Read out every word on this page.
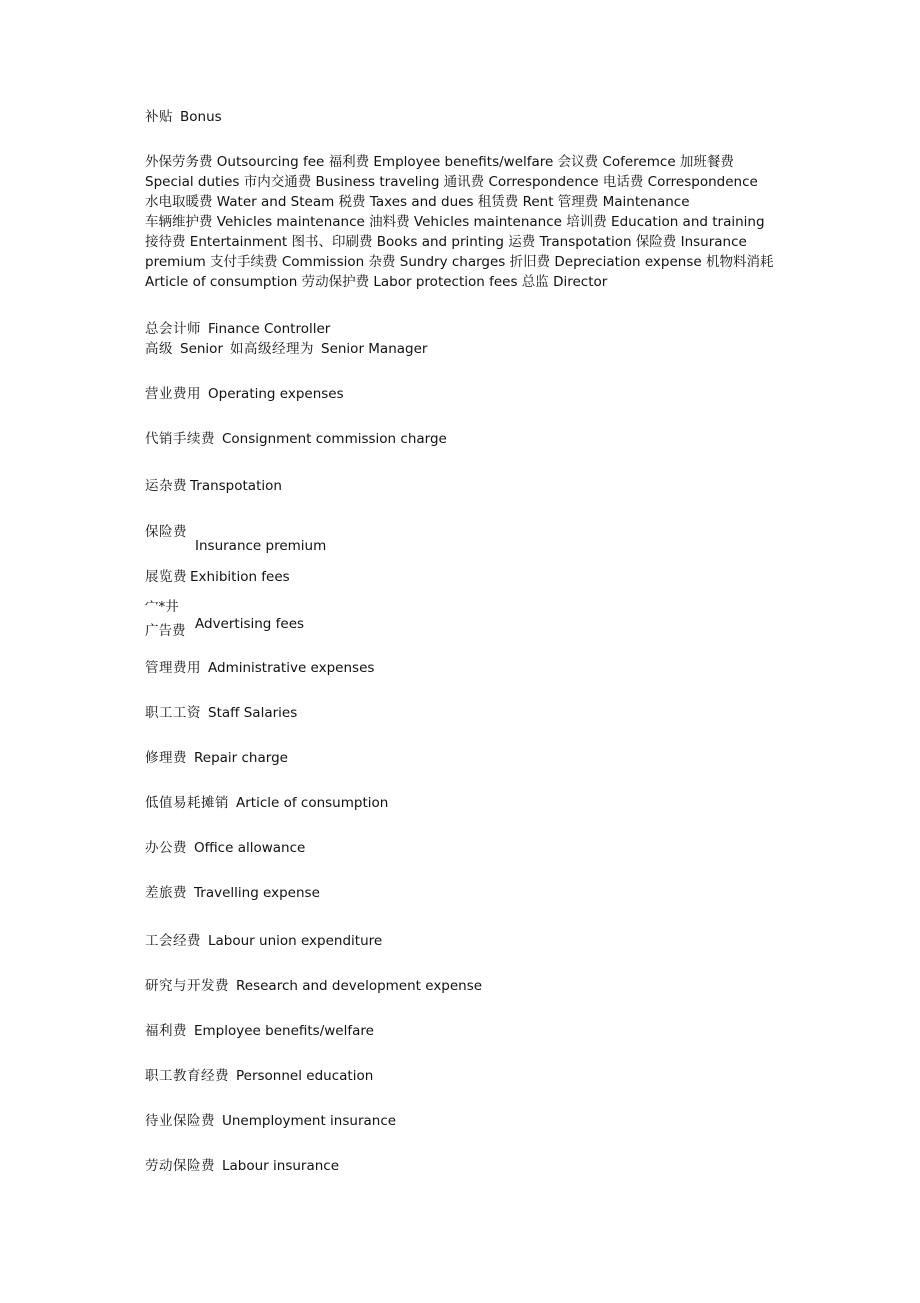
补贴 Bonus
外保劳务费 Outsourcing fee 福利费 Employee benefits/welfare 会议费 Coferemce 加班餐费
Special duties 市内交通费 Business traveling 通讯费 Correspondence 电话费 Correspondence
水电取暖费 Water and Steam 税费 Taxes and dues 租赁费 Rent 管理费 Maintenance
车辆维护费 Vehicles maintenance 油料费 Vehicles maintenance 培训费 Education and training
接待费 Entertainment 图书、印刷费 Books and printing 运费 Transpotation 保险费 Insurance
premium 支付手续费 Commission 杂费 Sundry charges 折旧费 Depreciation expense 机物料消耗
Article of consumption 劳动保护费 Labor protection fees 总监 Director
总会计师 Finance Controller
高级 Senior 如高级经理为 Senior Manager
营业费用 Operating expenses
代销手续费 Consignment commission charge
运杂费 Transpotation
保险费
Insurance premium
展览费 Exhibition fees
宀*井
广告费 Advertising fees
管理费用 Administrative expenses
职工工资 Staff Salaries
修理费 Repair charge
低值易耗摊销 Article of consumption
办公费 Office allowance
差旅费 Travelling expense
工会经费 Labour union expenditure
研究与开发费 Research and development expense
福利费 Employee benefits/welfare
职工教育经费 Personnel education
待业保险费 Unemployment insurance
劳动保险费 Labour insurance
